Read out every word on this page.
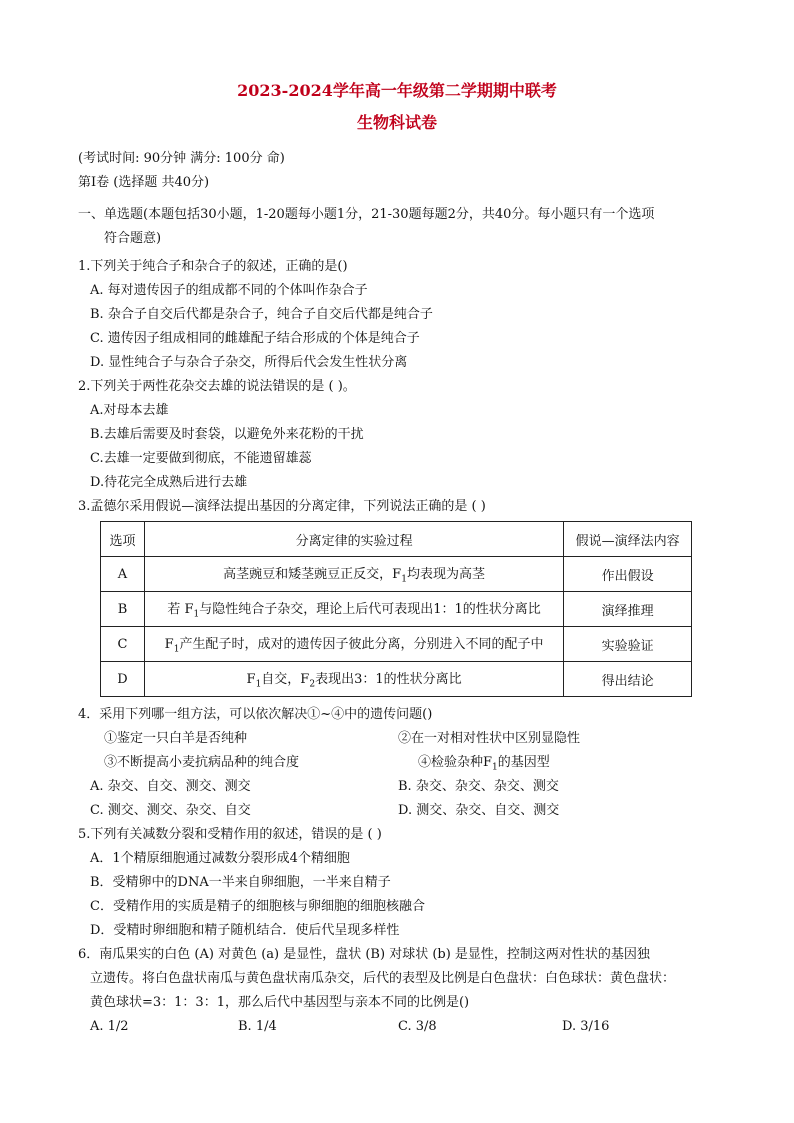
2023-2024学年高一年级第二学期期中联考
生物科试卷
(考试时间: 90分钟 满分: 100分 命)
第Ⅰ卷 (选择题 共40分)
一、单选题(本题包括30小题，1-20题每小题1分，21-30题每题2分，共40分。每小题只有一个选项
符合题意)
1.下列关于纯合子和杂合子的叙述，正确的是()
A. 每对遗传因子的组成都不同的个体叫作杂合子
B. 杂合子自交后代都是杂合子，纯合子自交后代都是纯合子
C. 遗传因子组成相同的雌雄配子结合形成的个体是纯合子
D. 显性纯合子与杂合子杂交，所得后代会发生性状分离
2.下列关于两性花杂交去雄的说法错误的是 ( )。
A.对母本去雄
B.去雄后需要及时套袋，以避免外来花粉的干扰
C.去雄一定要做到彻底，不能遗留雄蕊
D.待花完全成熟后进行去雄
3.孟德尔采用假说—演绎法提出基因的分离定律，下列说法正确的是 ( )
选项	分离定律的实验过程	假说—演绎法内容
A	高茎豌豆和矮茎豌豆正反交，$F_1$均表现为高茎	作出假设
B	若 $F_1$与隐性纯合子杂交，理论上后代可表现出1：1的性状分离比	演绎推理
C	$F_1$产生配子时，成对的遗传因子彼此分离，分别进入不同的配子中	实验验证
D	$F_1$自交，$F_2$表现出3：1的性状分离比	得出结论
4．采用下列哪一组方法，可以依次解决①~④中的遗传问题()
①鉴定一只白羊是否纯种	②在一对相对性状中区别显隐性
③不断提高小麦抗病品种的纯合度	④检验杂种$F_1$的基因型
A. 杂交、自交、测交、测交	B. 杂交、杂交、杂交、测交
C. 测交、测交、杂交、自交	D. 测交、杂交、自交、测交
5.下列有关减数分裂和受精作用的叙述，错误的是 ( )
A．1个精原细胞通过减数分裂形成4个精细胞
B．受精卵中的DNA一半来自卵细胞，一半来自精子
C．受精作用的实质是精子的细胞核与卵细胞的细胞核融合
D．受精时卵细胞和精子随机结合．使后代呈现多样性
6．南瓜果实的白色 (A) 对黄色 (a) 是显性，盘状 (B) 对球状 (b) 是显性，控制这两对性状的基因独
立遗传。将白色盘状南瓜与黄色盘状南瓜杂交，后代的表型及比例是白色盘状：白色球状：黄色盘状：
黄色球状=3：1：3：1，那么后代中基因型与亲本不同的比例是()
A. 1/2	B. 1/4	C. 3/8	D. 3/16
